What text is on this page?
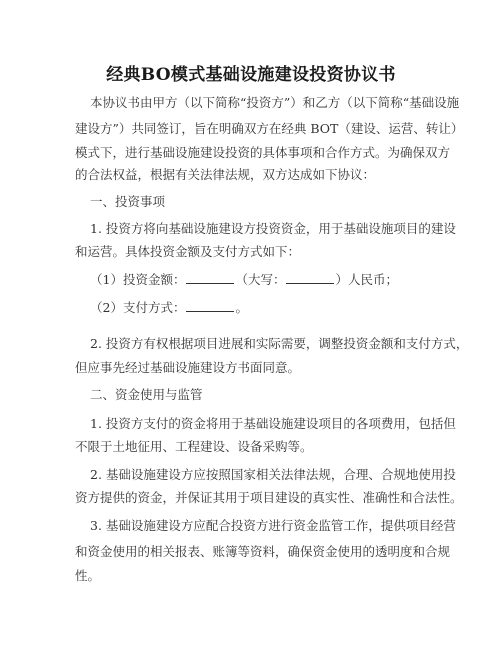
经典BO模式基础设施建设投资协议书
本协议书由甲方（以下简称“投资方”）和乙方（以下简称“基础设施
建设方”）共同签订，旨在明确双方在经典 BOT（建设、运营、转让）
模式下，进行基础设施建设投资的具体事项和合作方式。为确保双方
的合法权益，根据有关法律法规，双方达成如下协议：
一、投资事项
1. 投资方将向基础设施建设方投资资金，用于基础设施项目的建设
和运营。具体投资金额及支付方式如下：
（1）投资金额：	（大写：	）人民币；
（2）支付方式：	。
2. 投资方有权根据项目进展和实际需要，调整投资金额和支付方式，
但应事先经过基础设施建设方书面同意。
二、资金使用与监管
1. 投资方支付的资金将用于基础设施建设项目的各项费用，包括但
不限于土地征用、工程建设、设备采购等。
2. 基础设施建设方应按照国家相关法律法规，合理、合规地使用投
资方提供的资金，并保证其用于项目建设的真实性、准确性和合法性。
3. 基础设施建设方应配合投资方进行资金监管工作，提供项目经营
和资金使用的相关报表、账簿等资料，确保资金使用的透明度和合规
性。
